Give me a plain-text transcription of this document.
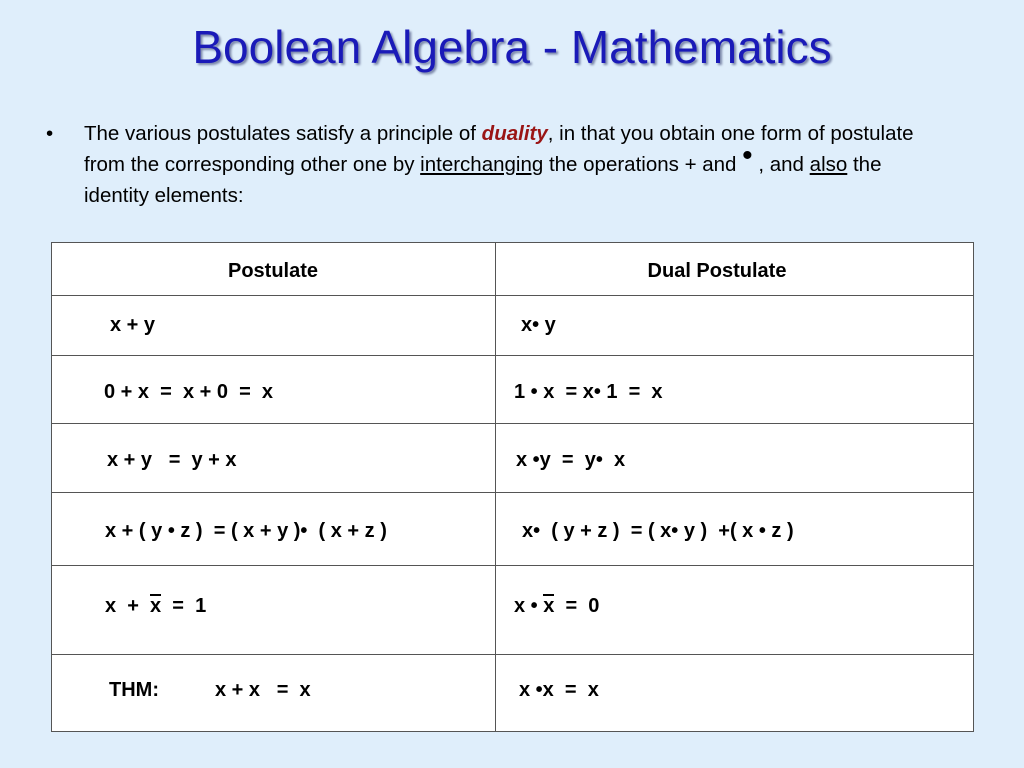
Boolean Algebra - Mathematics
• The various postulates satisfy a principle of duality, in that you obtain one form of postulate from the corresponding other one by interchanging the operations + and • , and also the identity elements:
Postulate	Dual Postulate
x + y	x• y
0 + x  =  x + 0  =  x	1 • x  = x• 1  =  x
x + y   =  y + x	x •y  =  y•  x
x + ( y • z )  = ( x + y )•  ( x + z )	x•  ( y + z )  = ( x• y )  +( x • z )
x  +  x  =  1	x • x  =  0
THM:	x + x   =  x	x •x  =  x
